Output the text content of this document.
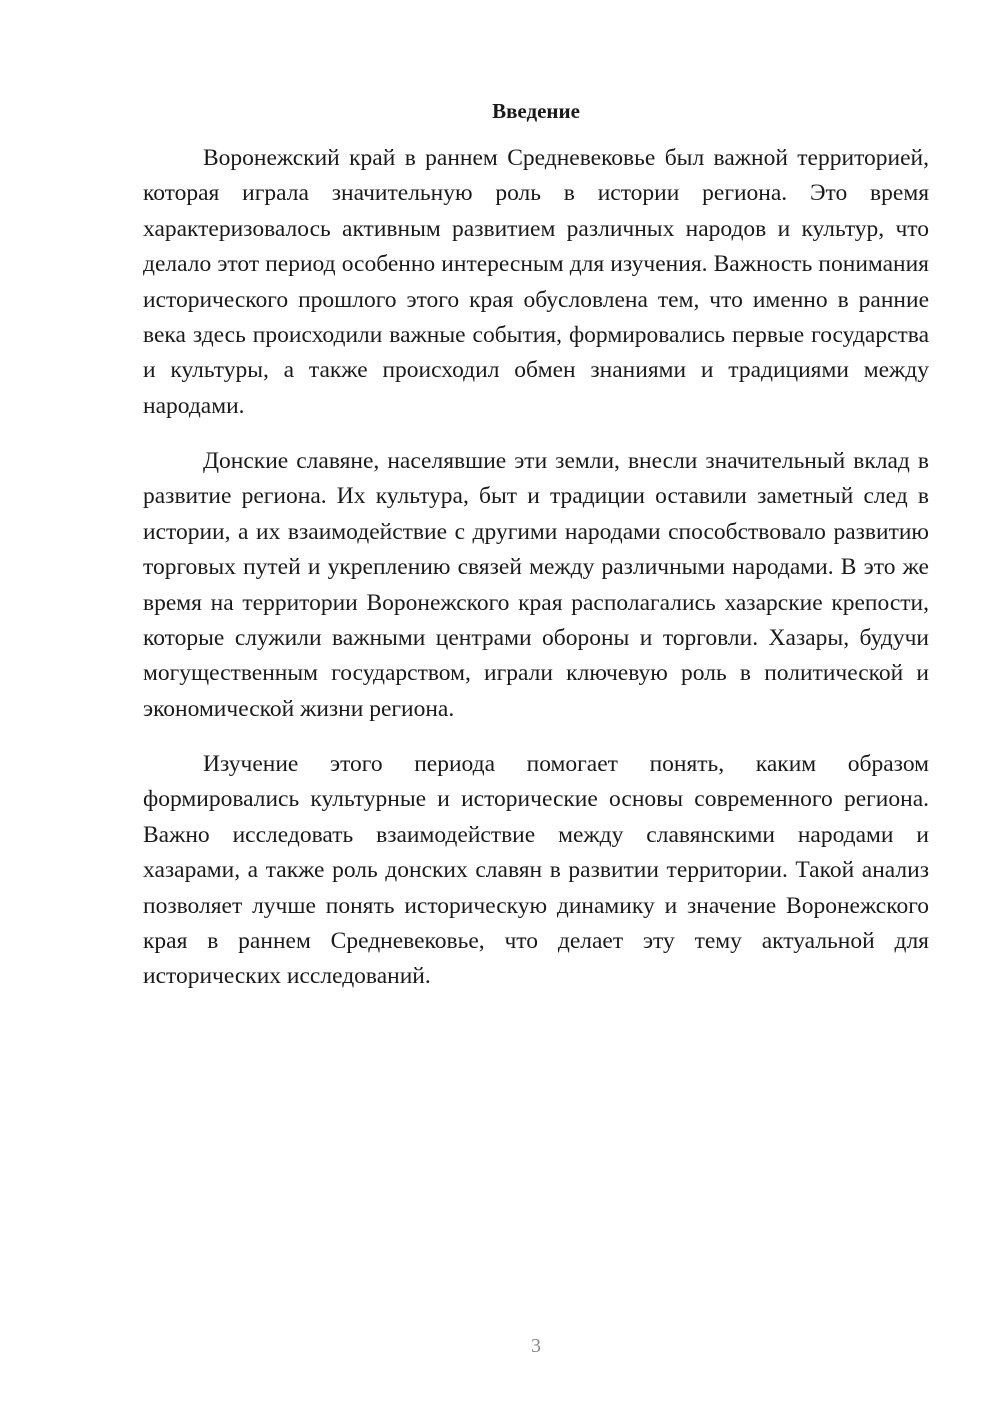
Введение

Воронежский край в раннем Средневековье был важной территорией, которая играла значительную роль в истории региона. Это время характеризовалось активным развитием различных народов и культур, что делало этот период особенно интересным для изучения. Важность понимания исторического прошлого этого края обусловлена тем, что именно в ранние века здесь происходили важные события, формировались первые государства и культуры, а также происходил обмен знаниями и традициями между народами.

Донские славяне, населявшие эти земли, внесли значительный вклад в развитие региона. Их культура, быт и традиции оставили заметный след в истории, а их взаимодействие с другими народами способствовало развитию торговых путей и укреплению связей между различными народами. В это же время на территории Воронежского края располагались хазарские крепости, которые служили важными центрами обороны и торговли. Хазары, будучи могущественным государством, играли ключевую роль в политической и экономической жизни региона.

Изучение этого периода помогает понять, каким образом формировались культурные и исторические основы современного региона. Важно исследовать взаимодействие между славянскими народами и хазарами, а также роль донских славян в развитии территории. Такой анализ позволяет лучше понять историческую динамику и значение Воронежского края в раннем Средневековье, что делает эту тему актуальной для исторических исследований.

3
